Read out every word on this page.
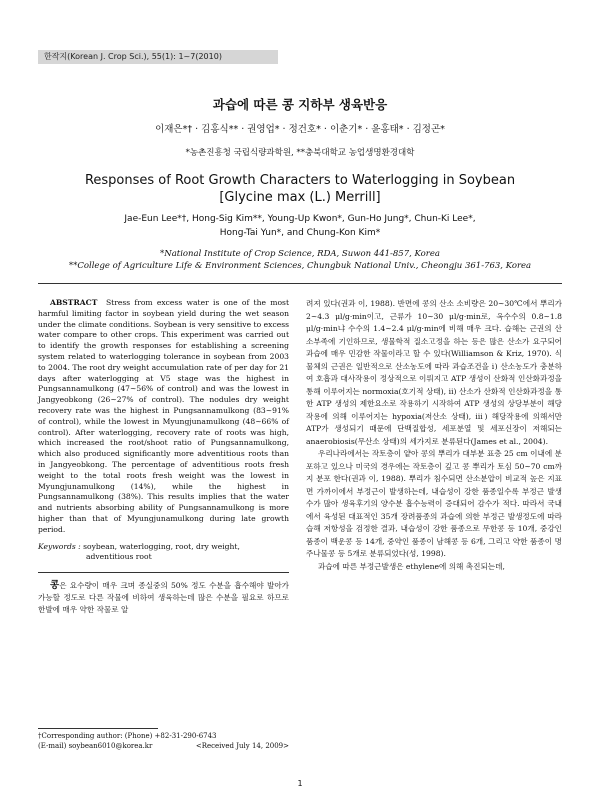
한작지(Korean J. Crop Sci.), 55(1): 1~7(2010)
과습에 따른 콩 지하부 생육반응
이재은*† · 김홍식** · 권영업* · 정건호* · 이춘기* · 윤홍태* · 김정곤*
*농촌진흥청 국립식량과학원, **충북대학교 농업생명환경대학
Responses of Root Growth Characters to Waterlogging in Soybean
[Glycine max (L.) Merrill]
Jae-Eun Lee*†, Hong-Sig Kim**, Young-Up Kwon*, Gun-Ho Jung*, Chun-Ki Lee*,
Hong-Tai Yun*, and Chung-Kon Kim*
*National Institute of Crop Science, RDA, Suwon 441-857, Korea
**College of Agriculture Life & Environment Sciences, Chungbuk National Univ., Cheongju 361-763, Korea

ABSTRACT Stress from excess water is one of the most harmful limiting factor in soybean yield during the wet season under the climate conditions. Soybean is very sensitive to excess water compare to other crops. This experiment was carried out to identify the growth responses for establishing a screening system related to waterlogging tolerance in soybean from 2003 to 2004. The root dry weight accumulation rate of per day for 21 days after waterlogging at V5 stage was the highest in Pungsannamulkong (47~56% of control) and was the lowest in Jangyeobkong (26~27% of control). The nodules dry weight recovery rate was the highest in Pungsannamulkong (83~91% of control), while the lowest in Myungjunamulkong (48~66% of control). After waterlogging, recovery rate of roots was high, which increased the root/shoot ratio of Pungsannamulkong, which also produced significantly more adventitious roots than in Jangyeobkong. The percentage of adventitious roots fresh weight to the total roots fresh weight was the lowest in Myungjunamulkong (14%), while the highest in Pungsannamulkong (38%). This results implies that the water and nutrients absorbing ability of Pungsannamulkong is more higher than that of Myungjunamulkong during late growth period.

Keywords : soybean, waterlogging, root, dry weight,
adventitious root

콩은 요수량이 매우 크며 종실중의 50% 정도 수분을 흡수해야 발아가 가능할 정도로 다른 작물에 비하여 생육하는데 많은 수분을 필요로 하므로 한발에 매우 약한 작물로 알

†Corresponding author: (Phone) +82-31-290-6743
(E-mail) soybean6010@korea.kr	<Received July 14, 2009>

려져 있다(권과 이, 1988). 반면에 콩의 산소 소비량은 20~30℃에서 뿌리가 2~4.3 μl/g·min이고, 근류가 10~30 μl/g·min로, 옥수수의 0.8~1.8 μl/g·min냐 수수의 1.4~2.4 μl/g·min에 비해 매우 크다. 습해는 근권의 산소부족에 기인하므로, 생물학적 질소고정을 하는 등은 많은 산소가 요구되어 과습에 매우 민감한 작물이라고 할 수 있다(Williamson & Kriz, 1970). 식물체의 근권은 일반적으로 산소농도에 따라 과습조건을 ⅰ) 산소농도가 충분하여 호흡과 대사작용이 정상적으로 이뤄지고 ATP 생성이 산화적 인산화과정을 통해 이루어지는 normoxia(호기적 상태), ⅱ) 산소가 산화적 인산화과정을 통한 ATP 생성의 제한요소로 작용하기 시작하여 ATP 생성의 상당부분이 해당작용에 의해 이루어지는 hypoxia(저산소 상태), ⅲ) 해당작용에 의해서만 ATP가 생성되기 때문에 단백질합성, 세포분열 및 세포신장이 저해되는 anaerobiosis(무산소 상태)의 세가지로 분류된다(James et al., 2004).

우리나라에서는 작토층이 얕아 콩의 뿌리가 대부분 표층 25 cm 이내에 분포하고 있으나 미국의 경우에는 작토층이 깊고 콩 뿌리가 토심 50~70 cm까지 분포 한다(권과 이, 1988). 뿌리가 침수되면 산소분압이 비교적 높은 지표면 가까이에서 부정근이 발생하는데, 내습성이 강한 품종일수록 부정근 발생수가 많아 생육후기의 양수분 흡수능력이 증대되어 감수가 적다. 따라서 국내에서 육성된 대표적인 35개 장려품종의 과습에 의한 부정근 발생정도에 따라 습해 저항성을 검정한 결과, 내습성이 강한 품종으로 무한콩 등 10개, 중강인품종이 백운콩 등 14개, 중약인 품종이 남해콩 등 6개, 그리고 약한 품종이 명주나물콩 등 5개로 분류되었다(성, 1998).

과습에 따른 부정근발생은 ethylene에 의해 촉진되는데,

1
